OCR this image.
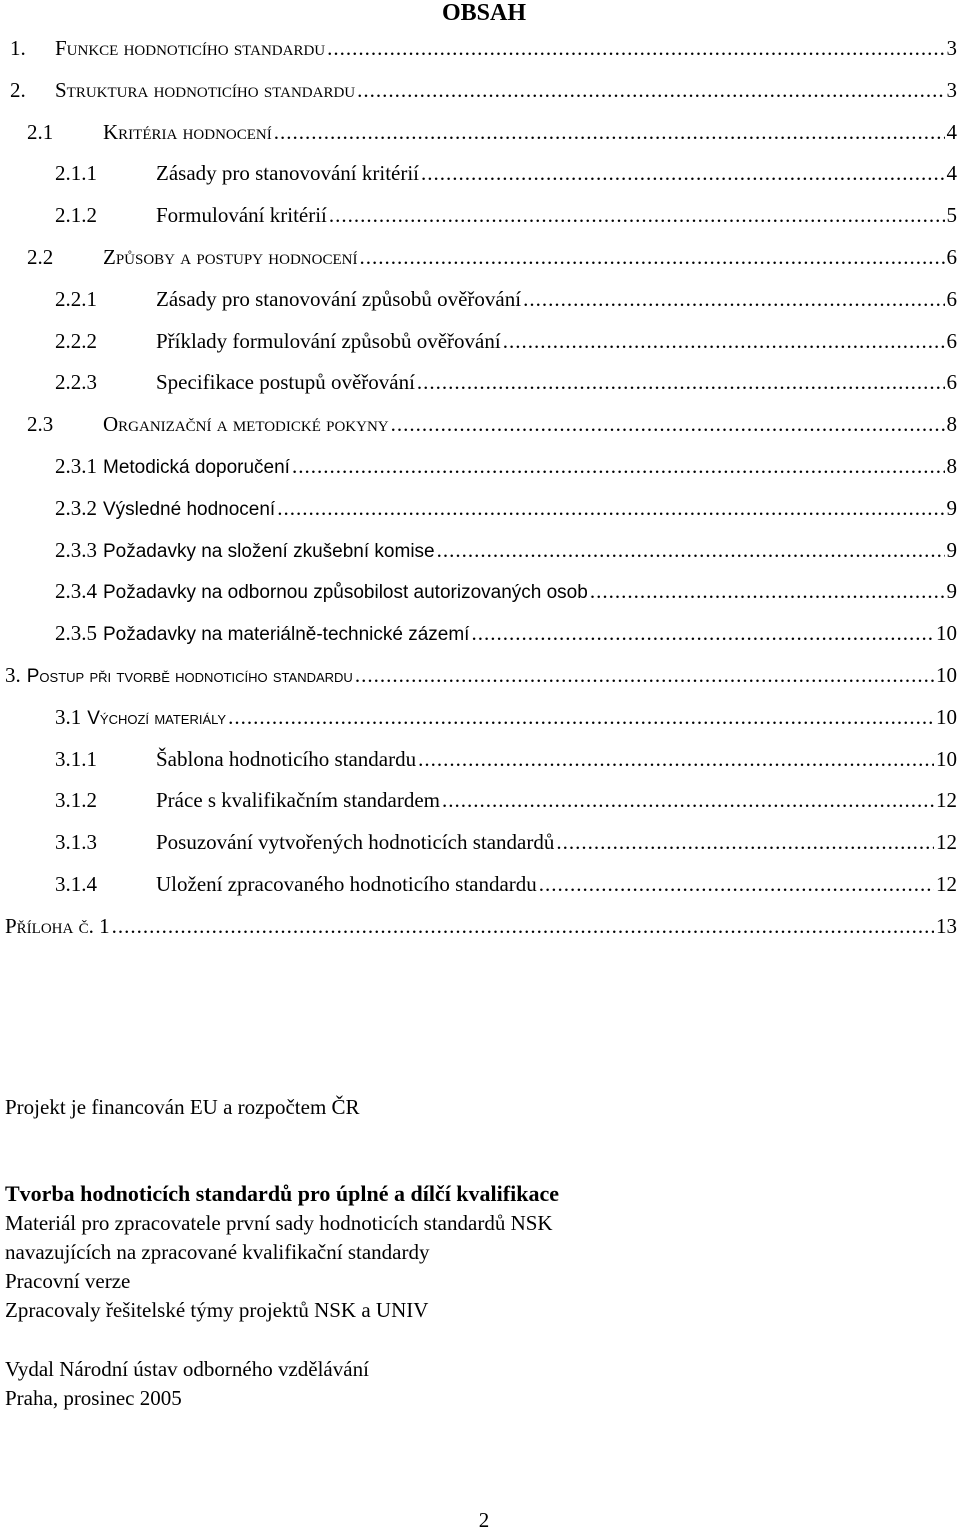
OBSAH
1.	Funkce hodnoticího standardu .....	3
2.	Struktura hodnoticího standardu .....	3
2.1	Kritéria hodnocení .....	4
2.1.1	Zásady pro stanovování kritérií .....	4
2.1.2	Formulování kritérií .....	5
2.2	Způsoby a postupy hodnocení .....	6
2.2.1	Zásady pro stanovování způsobů ověřování .....	6
2.2.2	Příklady formulování způsobů ověřování .....	6
2.2.3	Specifikace postupů ověřování .....	6
2.3	Organizační a metodické pokyny .....	8
2.3.1 Metodická doporučení .....	8
2.3.2 Výsledné hodnocení .....	9
2.3.3 Požadavky na složení zkušební komise .....	9
2.3.4 Požadavky na odbornou způsobilost autorizovaných osob .....	9
2.3.5 Požadavky na materiálně-technické zázemí .....	10
3. Postup při tvorbě hodnoticího standardu .....	10
3.1 Výchozí materiály .....	10
3.1.1	Šablona hodnoticího standardu .....	10
3.1.2	Práce s kvalifikačním standardem .....	12
3.1.3	Posuzování vytvořených hodnoticích standardů .....	12
3.1.4	Uložení zpracovaného hodnoticího standardu .....	12
Příloha č. 1 .....	13
Projekt je financován EU a rozpočtem ČR
Tvorba hodnoticích standardů pro úplné a dílčí kvalifikace
Materiál pro zpracovatele první sady hodnoticích standardů NSK
navazujících na zpracované kvalifikační standardy
Pracovní verze
Zpracovaly řešitelské týmy projektů NSK a UNIV
Vydal Národní ústav odborného vzdělávání
Praha, prosinec 2005
2
